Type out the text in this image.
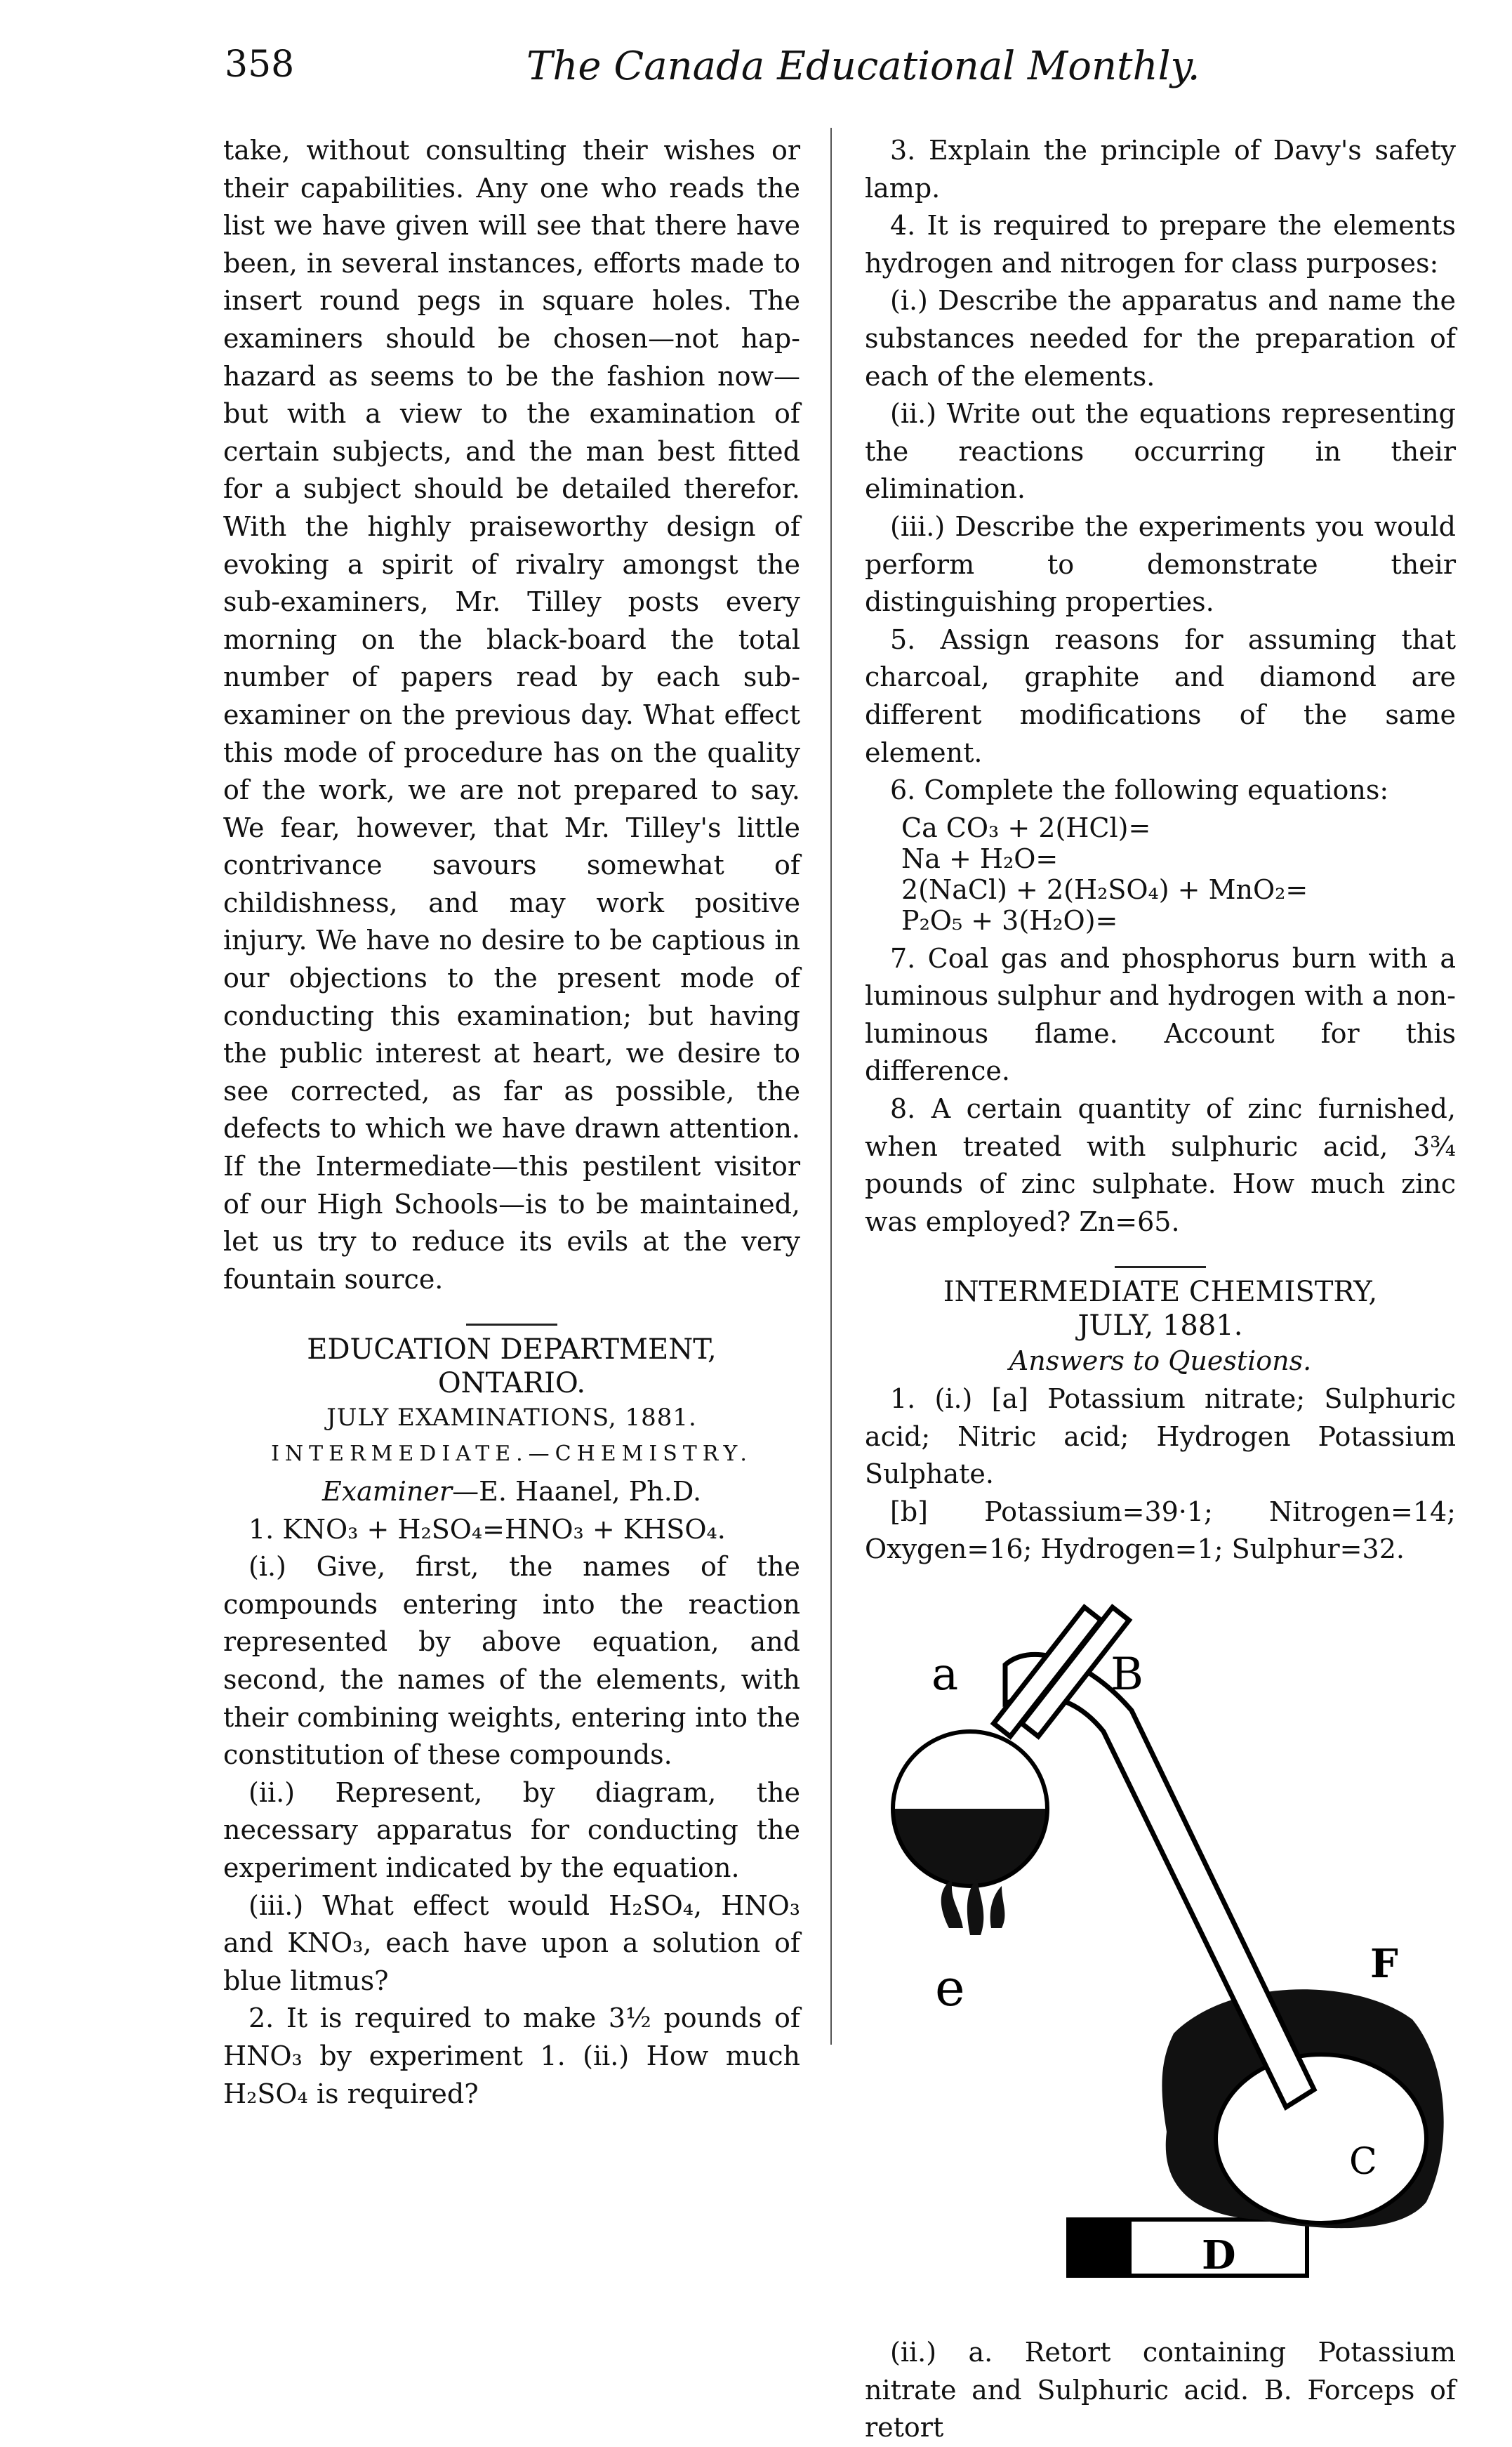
358	The Canada Educational Monthly.

take, without consulting their wishes or their capabilities. Any one who reads the list we have given will see that there have been, in several instances, efforts made to insert round pegs in square holes. The examiners should be chosen—not hap-hazard as seems to be the fashion now—but with a view to the examination of certain subjects, and the man best fitted for a subject should be detailed therefor. With the highly praiseworthy design of evoking a spirit of rivalry amongst the sub-examiners, Mr. Tilley posts every morning on the black-board the total number of papers read by each sub-examiner on the previous day. What effect this mode of procedure has on the quality of the work, we are not prepared to say. We fear, however, that Mr. Tilley's little contrivance savours somewhat of childishness, and may work positive injury. We have no desire to be captious in our objections to the present mode of conducting this examination; but having the public interest at heart, we desire to see corrected, as far as possible, the defects to which we have drawn attention. If the Intermediate—this pestilent visitor of our High Schools—is to be maintained, let us try to reduce its evils at the very fountain source.

EDUCATION DEPARTMENT,

ONTARIO.

JULY EXAMINATIONS, 1881.

INTERMEDIATE.—CHEMISTRY.

Examiner—E. Haanel, Ph.D.

1. KNO₃ + H₂SO₄=HNO₃ + KHSO₄.

(i.) Give, first, the names of the compounds entering into the reaction represented by above equation, and second, the names of the elements, with their combining weights, entering into the constitution of these compounds.

(ii.) Represent, by diagram, the necessary apparatus for conducting the experiment indicated by the equation.

(iii.) What effect would H₂SO₄, HNO₃ and KNO₃, each have upon a solution of blue litmus?

2. It is required to make 3½ pounds of HNO₃ by experiment 1. (ii.) How much H₂SO₄ is required?

3. Explain the principle of Davy's safety lamp.

4. It is required to prepare the elements hydrogen and nitrogen for class purposes:

(i.) Describe the apparatus and name the substances needed for the preparation of each of the elements.

(ii.) Write out the equations representing the reactions occurring in their elimination.

(iii.) Describe the experiments you would perform to demonstrate their distinguishing properties.

5. Assign reasons for assuming that charcoal, graphite and diamond are different modifications of the same element.

6. Complete the following equations:

Ca CO₃ + 2(HCl)=
Na + H₂O=
2(NaCl) + 2(H₂SO₄) + MnO₂=
P₂O₅ + 3(H₂O)=

7. Coal gas and phosphorus burn with a luminous sulphur and hydrogen with a non-luminous flame. Account for this difference.

8. A certain quantity of zinc furnished, when treated with sulphuric acid, 3¾ pounds of zinc sulphate. How much zinc was employed? Zn=65.

INTERMEDIATE CHEMISTRY,

JULY, 1881.

Answers to Questions.

1. (i.) [a] Potassium nitrate; Sulphuric acid; Nitric acid; Hydrogen Potassium Sulphate.

[b] Potassium=39·1; Nitrogen=14; Oxygen=16; Hydrogen=1; Sulphur=32.

a	B
e	F
C
D

(ii.) a. Retort containing Potassium nitrate and Sulphuric acid. B. Forceps of retort
